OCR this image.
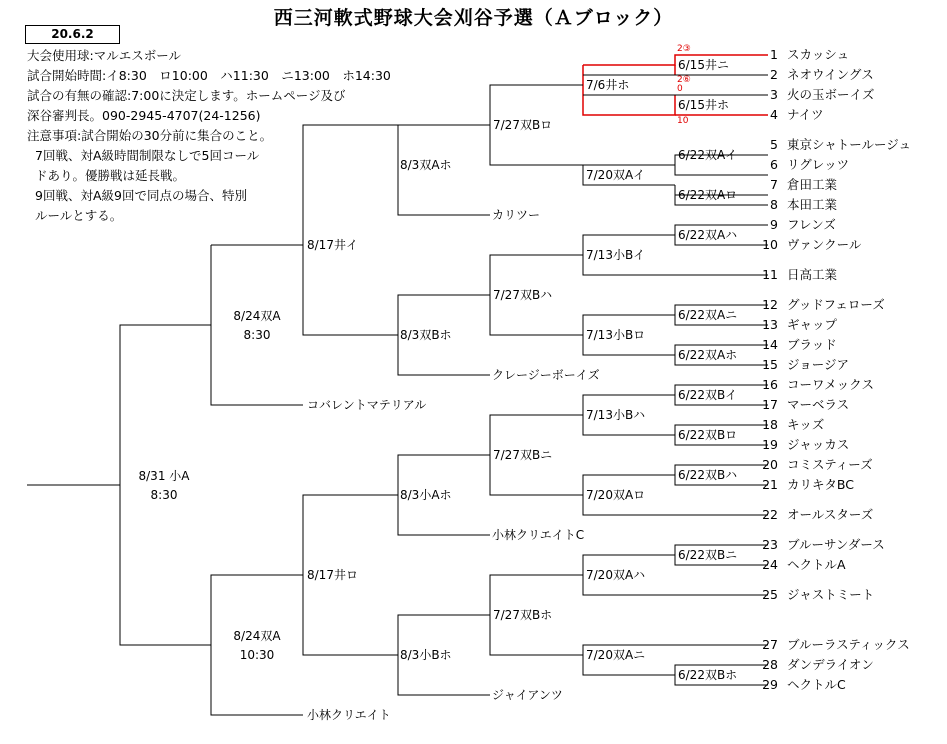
西三河軟式野球大会刈谷予選（Ａブロック）
20.6.2
大会使用球:マルエスボール
試合開始時間:イ8:30　ロ10:00　ハ11:30　ニ13:00　ホ14:30
試合の有無の確認:7:00に決定します。ホームページ及び
深谷審判長。090-2945-4707(24-1256)
注意事項:試合開始の30分前に集合のこと。
7回戦、対A級時間制限なしで5回コール
ドあり。優勝戦は延長戦。
9回戦、対A級9回で同点の場合、特別
ルールとする。
1 スカッシュ
2 ネオウイングス
3 火の玉ボーイズ
4 ナイツ
5 東京シャトールージュ
6 リグレッツ
7 倉田工業
8 本田工業
9 フレンズ
10 ヴァンクール
11 日高工業
12 グッドフェローズ
13 ギャップ
14 ブラッド
15 ジョージア
16 コーワメックス
17 マーベラス
18 キッズ
19 ジャッカス
20 コミスティーズ
21 カリキタBC
22 オールスターズ
23 ブルーサンダース
24 ヘクトルA
25 ジャストミート
27 ブルーラスティックス
28 ダンデライオン
29 ヘクトルC
カリツー
クレージーボーイズ
コバレントマテリアル
小林クリエイトC
ジャイアンツ
小林クリエイト
6/15井ニ
6/15井ホ
6/22双Aイ
6/22双Aロ
6/22双Aハ
6/22双Aニ
6/22双Aホ
6/22双Bイ
6/22双Bロ
6/22双Bハ
6/22双Bニ
6/22双Bホ
7/6井ホ
7/20双Aイ
7/13小Bイ
7/13小Bロ
7/13小Bハ
7/20双Aロ
7/20双Aハ
7/20双Aニ
7/27双Bロ
7/27双Bハ
7/27双Bニ
7/27双Bホ
8/3双Aホ
8/3双Bホ
8/3小Aホ
8/3小Bホ
8/17井イ
8/17井ロ
8/24双A
8:30
8/24双A
10:30
8/31 小A
8:30
2③
2⑥
0
10
